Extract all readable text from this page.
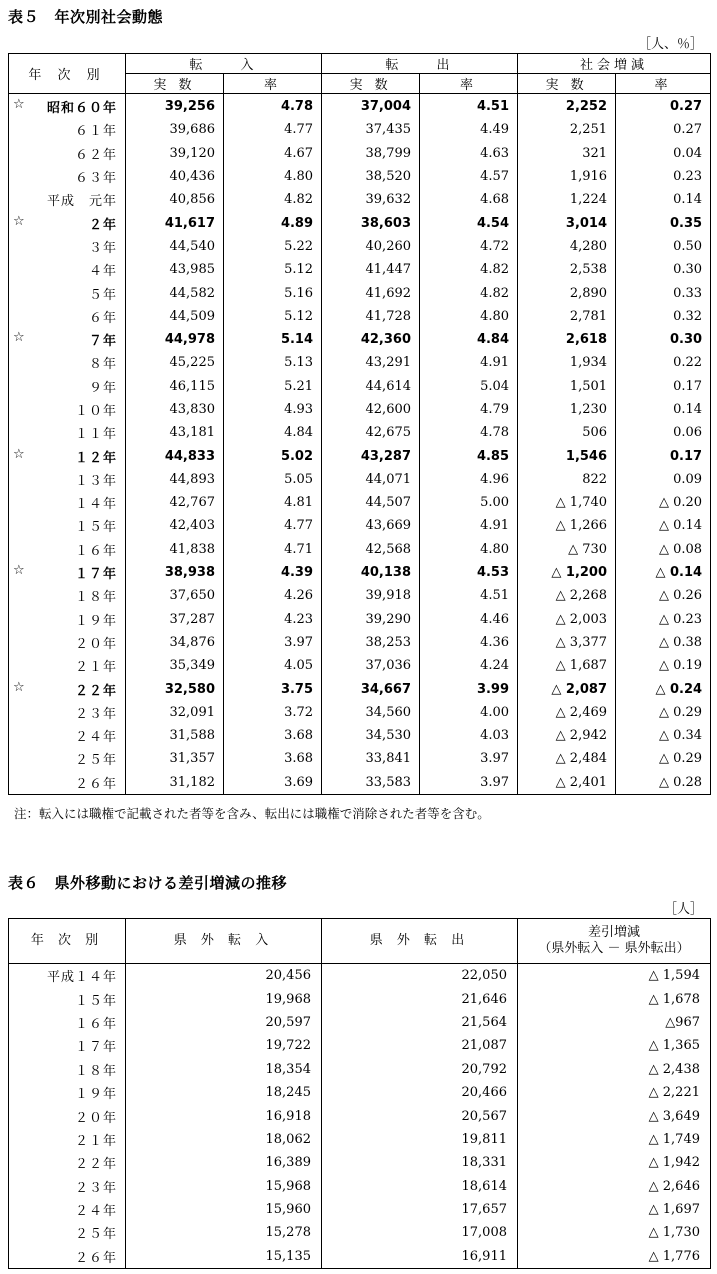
表５　年次別社会動態
［人、％］
年 次 別	転　　入		転　　出		社会増減	
	実 数	率	実 数	率	実 数	率

☆ 昭和６０年	39,256	4.78	37,004	4.51	2,252	0.27

６１年	39,686	4.77	37,435	4.49	2,251	0.27

６２年	39,120	4.67	38,799	4.63	321	0.04

６３年	40,436	4.80	38,520	4.57	1,916	0.23

平成　元年	40,856	4.82	39,632	4.68	1,224	0.14

☆ ２年	41,617	4.89	38,603	4.54	3,014	0.35

３年	44,540	5.22	40,260	4.72	4,280	0.50

４年	43,985	5.12	41,447	4.82	2,538	0.30

５年	44,582	5.16	41,692	4.82	2,890	0.33

６年	44,509	5.12	41,728	4.80	2,781	0.32

☆ ７年	44,978	5.14	42,360	4.84	2,618	0.30

８年	45,225	5.13	43,291	4.91	1,934	0.22

９年	46,115	5.21	44,614	5.04	1,501	0.17

１０年	43,830	4.93	42,600	4.79	1,230	0.14

１１年	43,181	4.84	42,675	4.78	506	0.06

☆ １２年	44,833	5.02	43,287	4.85	1,546	0.17

１３年	44,893	5.05	44,071	4.96	822	0.09

１４年	42,767	4.81	44,507	5.00	△ 1,740	△ 0.20

１５年	42,403	4.77	43,669	4.91	△ 1,266	△ 0.14

１６年	41,838	4.71	42,568	4.80	△ 730	△ 0.08

☆ １７年	38,938	4.39	40,138	4.53	△ 1,200	△ 0.14

１８年	37,650	4.26	39,918	4.51	△ 2,268	△ 0.26

１９年	37,287	4.23	39,290	4.46	△ 2,003	△ 0.23

２０年	34,876	3.97	38,253	4.36	△ 3,377	△ 0.38

２１年	35,349	4.05	37,036	4.24	△ 1,687	△ 0.19

☆ ２２年	32,580	3.75	34,667	3.99	△ 2,087	△ 0.24

２３年	32,091	3.72	34,560	4.00	△ 2,469	△ 0.29

２４年	31,588	3.68	34,530	4.03	△ 2,942	△ 0.34

２５年	31,357	3.68	33,841	3.97	△ 2,484	△ 0.29

２６年	31,182	3.69	33,583	3.97	△ 2,401	△ 0.28
注：転入には職権で記載された者等を含み、転出には職権で消除された者等を含む。
表６　県外移動における差引増減の推移
［人］
年 次 別	県 外 転 入	県 外 転 出	差引増減
（県外転入 － 県外転出）

平成１４年	20,456	22,050	△ 1,594
１５年	19,968	21,646	△ 1,678
１６年	20,597	21,564	△967
１７年	19,722	21,087	△ 1,365
１８年	18,354	20,792	△ 2,438
１９年	18,245	20,466	△ 2,221
２０年	16,918	20,567	△ 3,649
２１年	18,062	19,811	△ 1,749
２２年	16,389	18,331	△ 1,942
２３年	15,968	18,614	△ 2,646
２４年	15,960	17,657	△ 1,697
２５年	15,278	17,008	△ 1,730
２６年	15,135	16,911	△ 1,776
